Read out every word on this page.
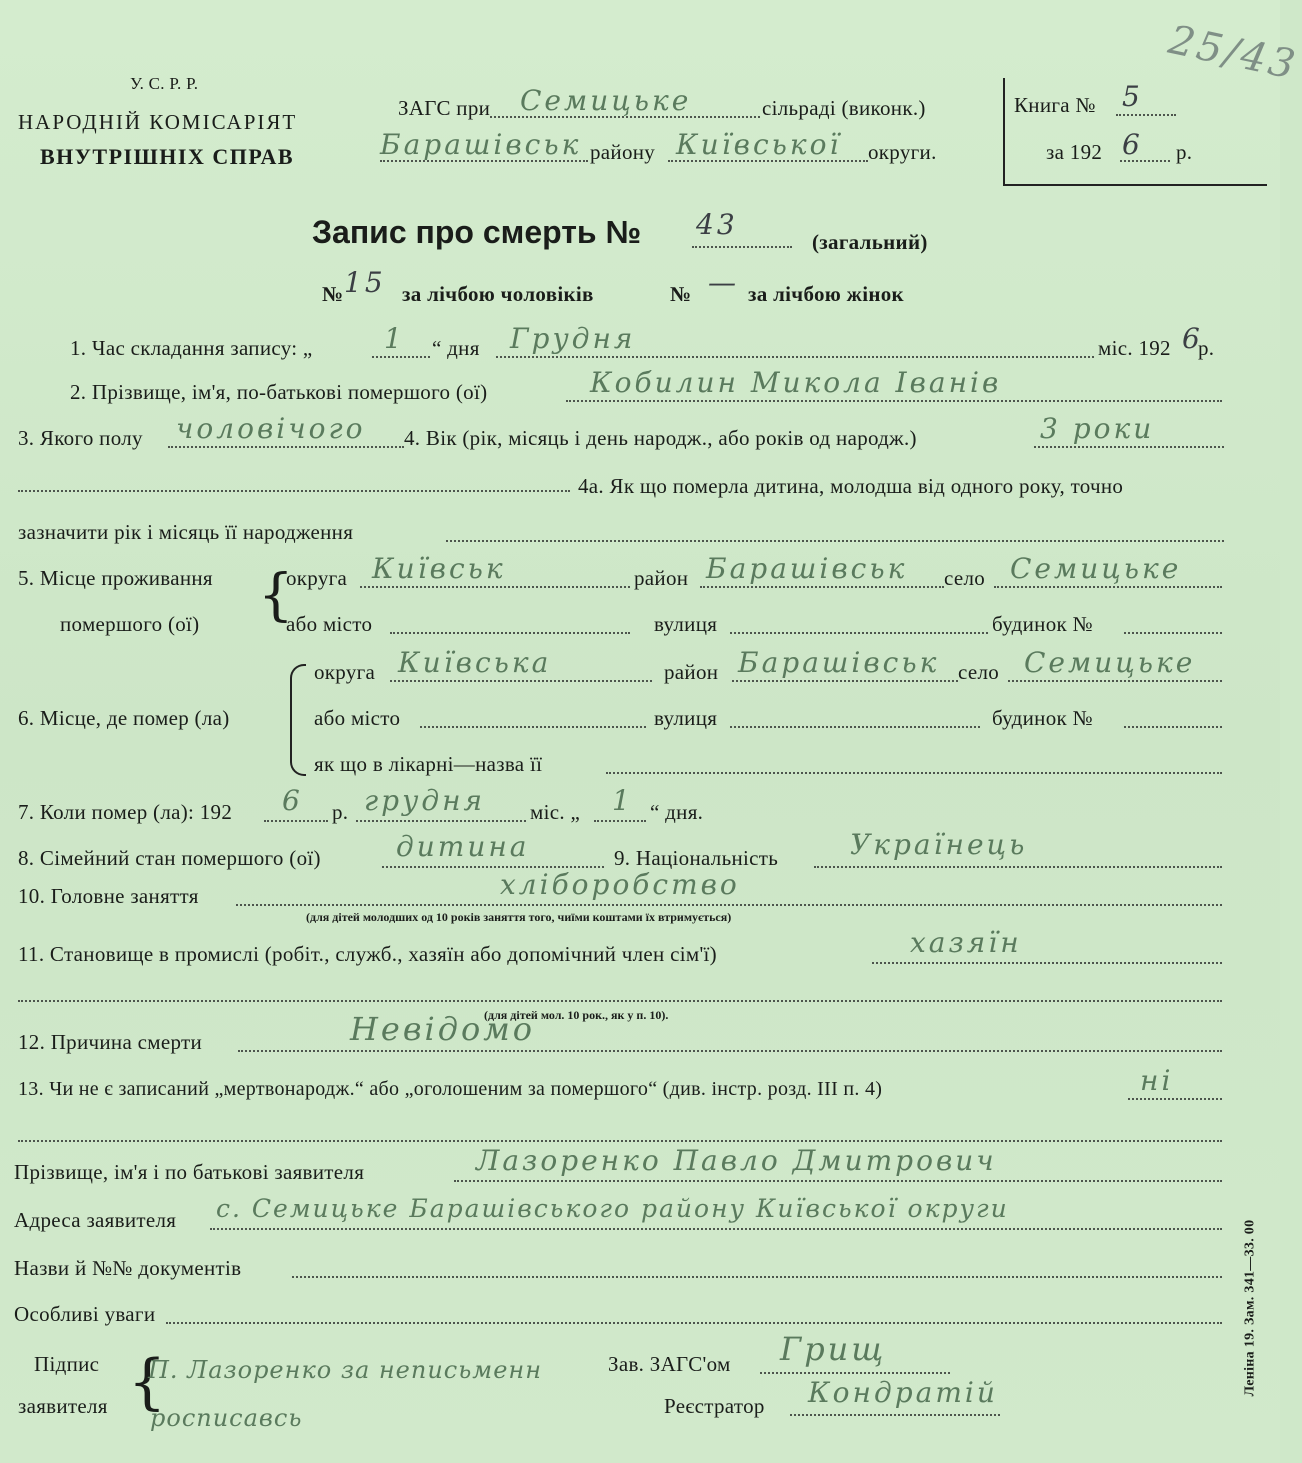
У. С. Р. Р.
НАРОДНІЙ КОМІСАРІЯТ
ВНУТРІШНІХ СПРАВ
ЗАГС при Семицьке	сільраді (виконк.)
Барашівськ району Київської округи.
Книга № 5
за 192 6 р.
25/43
Запис про смерть № 43
(загальний)
№ 15 за лічбою чоловіків	№ — за лічбою жінок
1. Час складання запису: „	1 “ дня Грудня	міс. 192 6
р.
2. Прізвище, ім'я, по-батькові помершого (ої)	Кобилин Микола Іванів
3. Якого полу чоловічого 4. Вік (рік, місяць і день народж., або років од народж.)	3 роки
4а. Як що померла дитина, молодша від одного року, точно
зазначити рік і місяць її народження
5. Місце проживання
помершого (оï) {
округа Київськ	район Барашівськ село Семицьке
або місто	вулиця	будинок №
6. Місце, де помер (ла)
округа Київська	район Барашівськ село Семицьке
або місто	вулиця	будинок №
як що в лікарні—назва її
7. Коли помер (ла): 192 6 р. грудня міс. „ 1 “ дня.
8. Сімейний стан помершого (оï)	дитина	9. Національність	Українець
10. Головне заняття	хліборобство
(для дітей молодших од 10 років заняття того, чиїми коштами їх втримується)
11. Становище в промислі (робіт., служб., хазяїн або допомічний член сім'ї)	хазяїн
(для дітей мол. 10 рок., як у п. 10).
12. Причина смерти	Невідомо
13. Чи не є записаний „мертвонародж.“ або „оголошеним за помершого“ (див. інстр. розд. III п. 4)	ні
Прізвище, ім'я і по батькові заявителя	Лазоренко Павло Дмитрович
Адреса заявителя с. Семицьке Барашівського району Київської округи
Назви й №№ документів
Особливі уваги
Підпис
заявителя {
П. Лазоренко за неписьменн
росписавсь
Зав. ЗАГС'ом Грищ
Реєстратор Кондратій	Леніна 19. Зам. 341—33. 00
